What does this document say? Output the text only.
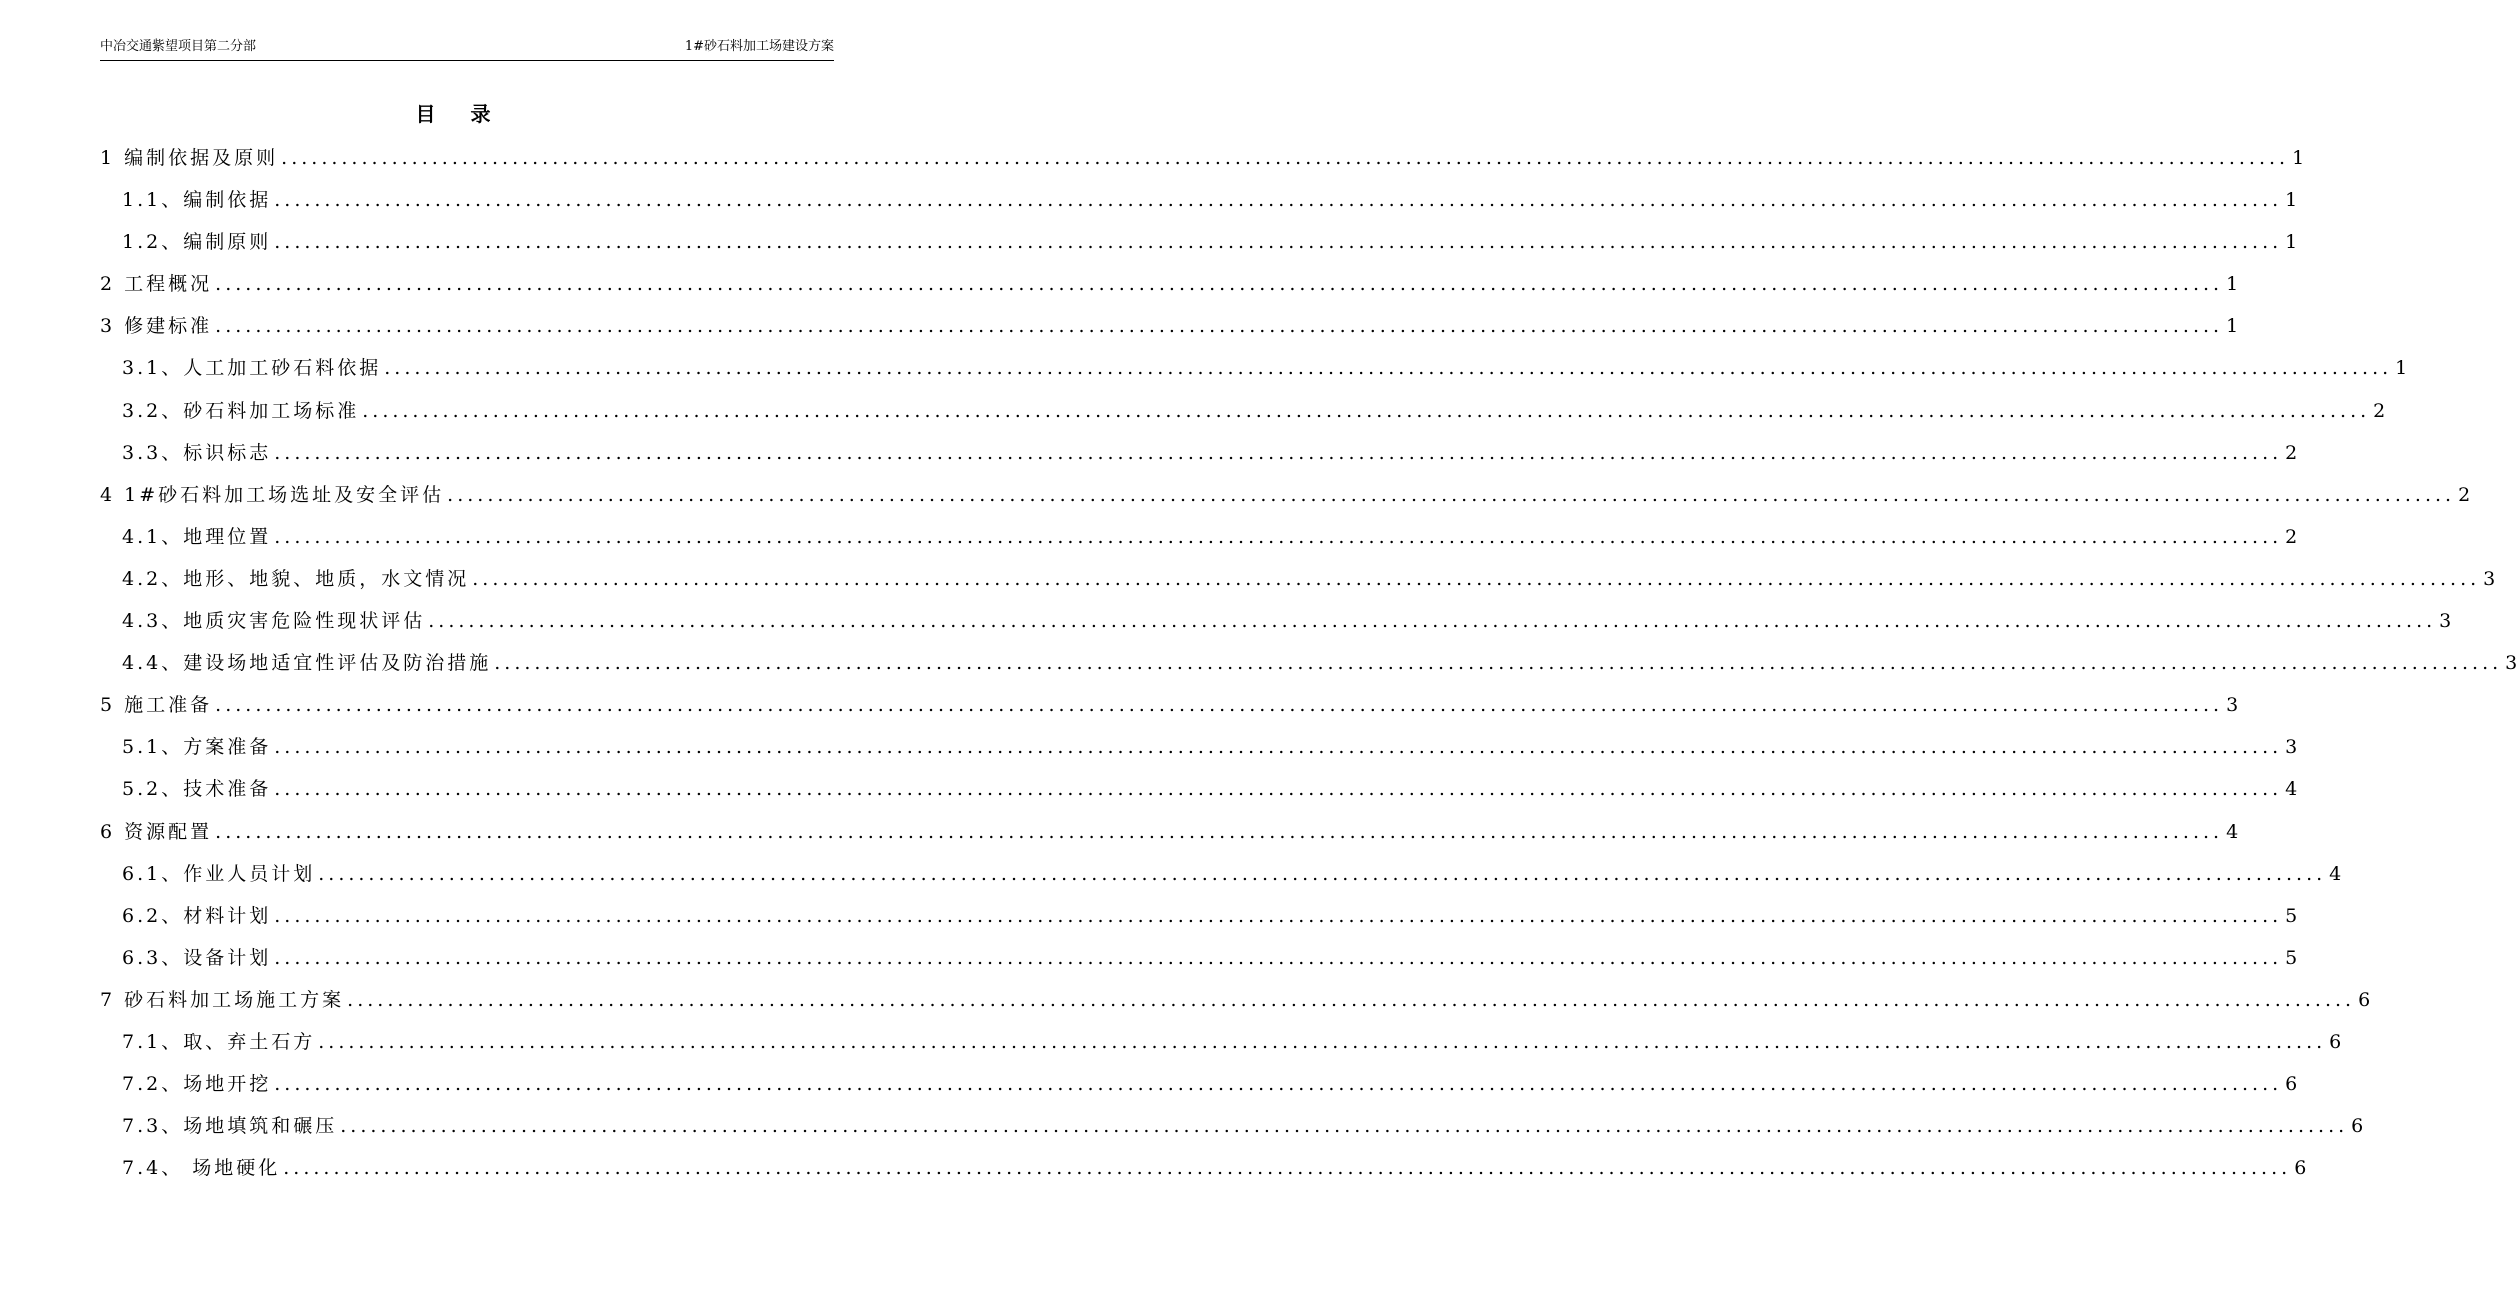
中冶交通紫望项目第二分部	1#砂石料加工场建设方案
目 录
1 编制依据及原则 ........................................................................................................................................................................................................ 1
1.1、 编制依据 ........................................................................................................................................................................................................ 1
1.2、 编制原则 ........................................................................................................................................................................................................ 1
2 工程概况 ........................................................................................................................................................................................................ 1
3 修建标准 ........................................................................................................................................................................................................ 1
3.1、 人工加工砂石料依据 ........................................................................................................................................................................................................ 1
3.2、 砂石料加工场标准 ........................................................................................................................................................................................................ 2
3.3、 标识标志 ........................................................................................................................................................................................................ 2
4 1#砂石料加工场选址及安全评估 ........................................................................................................................................................................................................ 2
4.1、 地理位置 ........................................................................................................................................................................................................ 2
4.2、 地形、地貌、地质，水文情况 ........................................................................................................................................................................................................ 3
4.3、 地质灾害危险性现状评估 ........................................................................................................................................................................................................ 3
4.4、 建设场地适宜性评估及防治措施 ........................................................................................................................................................................................................ 3
5 施工准备 ........................................................................................................................................................................................................ 3
5.1、 方案准备 ........................................................................................................................................................................................................ 3
5.2、 技术准备 ........................................................................................................................................................................................................ 4
6 资源配置 ........................................................................................................................................................................................................ 4
6.1、 作业人员计划 ........................................................................................................................................................................................................ 4
6.2、 材料计划 ........................................................................................................................................................................................................ 5
6.3、 设备计划 ........................................................................................................................................................................................................ 5
7 砂石料加工场施工方案 ........................................................................................................................................................................................................ 6
7.1、 取、弃土石方 ........................................................................................................................................................................................................ 6
7.2、 场地开挖 ........................................................................................................................................................................................................ 6
7.3、 场地填筑和碾压 ........................................................................................................................................................................................................ 6
7.4、 场地硬化 ........................................................................................................................................................................................................ 6
